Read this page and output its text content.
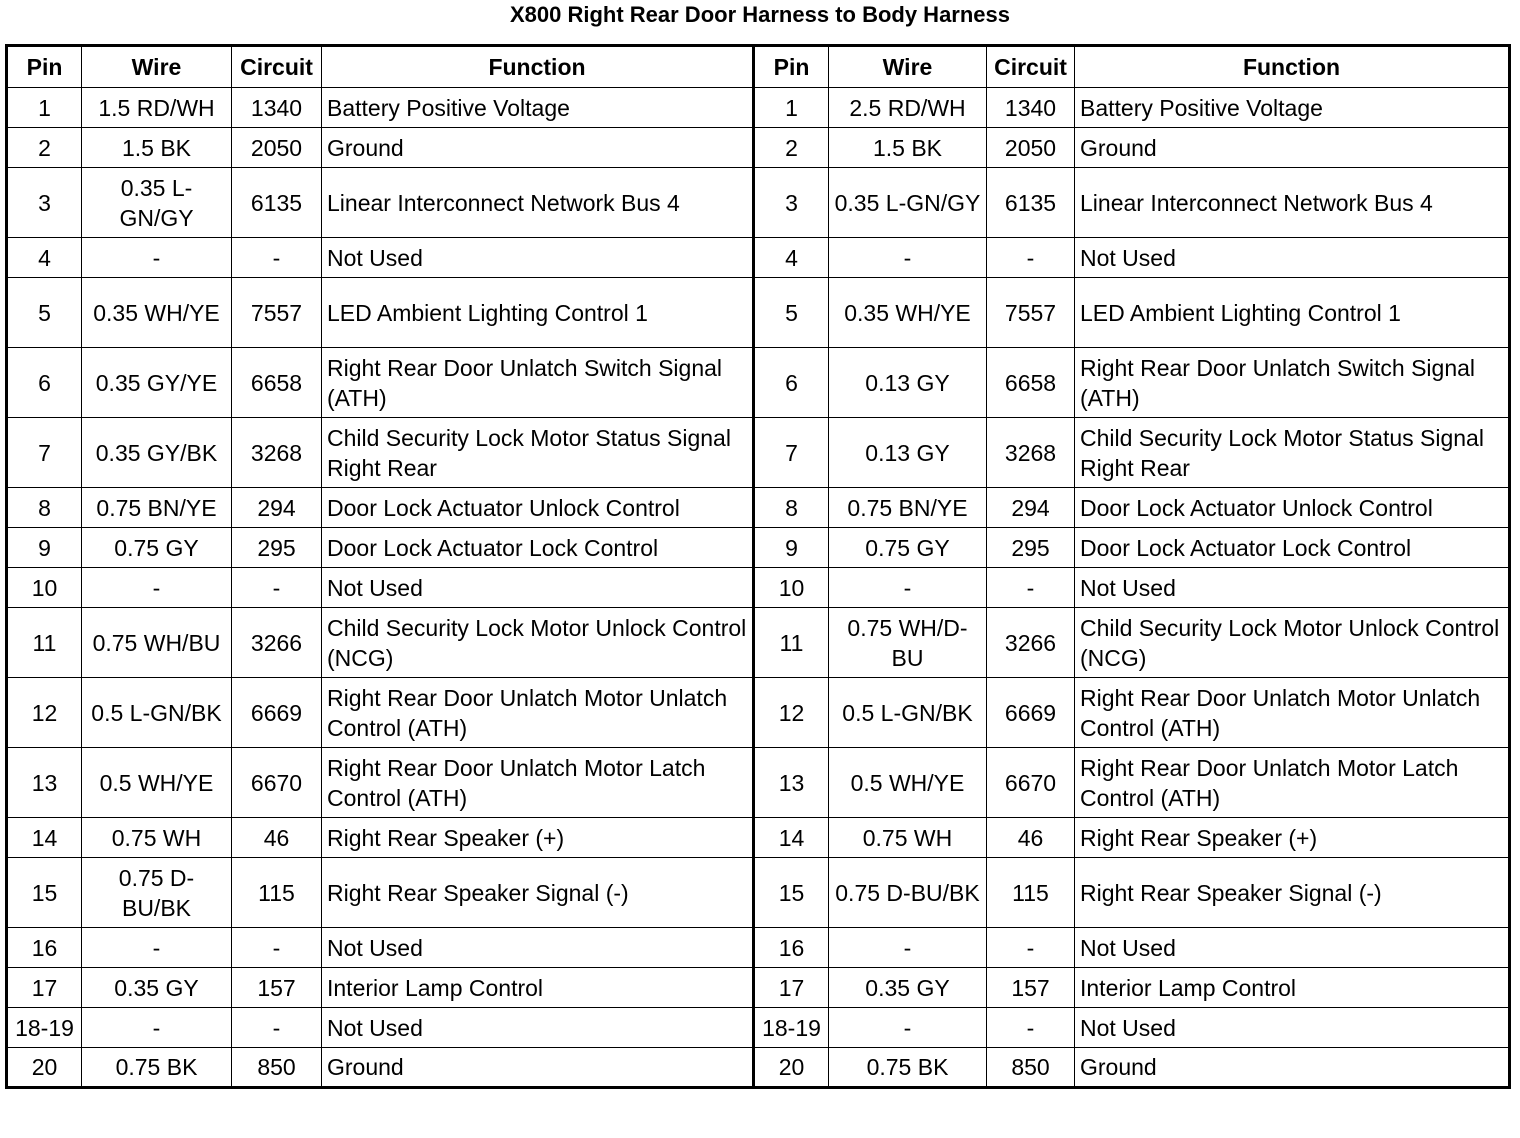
X800 Right Rear Door Harness to Body Harness
Pin	Wire	Circuit	Function	Pin	Wire	Circuit	Function
1	1.5 RD/WH	1340	Battery Positive Voltage	1	2.5 RD/WH	1340	Battery Positive Voltage
2	1.5 BK	2050	Ground	2	1.5 BK	2050	Ground
3	0.35 L-GN/GY	6135	Linear Interconnect Network Bus 4	3	0.35 L-GN/GY	6135	Linear Interconnect Network Bus 4
4	-	-	Not Used	4	-	-	Not Used
5	0.35 WH/YE	7557	LED Ambient Lighting Control 1	5	0.35 WH/YE	7557	LED Ambient Lighting Control 1
6	0.35 GY/YE	6658	Right Rear Door Unlatch Switch Signal (ATH)	6	0.13 GY	6658	Right Rear Door Unlatch Switch Signal (ATH)
7	0.35 GY/BK	3268	Child Security Lock Motor Status Signal Right Rear	7	0.13 GY	3268	Child Security Lock Motor Status Signal Right Rear
8	0.75 BN/YE	294	Door Lock Actuator Unlock Control	8	0.75 BN/YE	294	Door Lock Actuator Unlock Control
9	0.75 GY	295	Door Lock Actuator Lock Control	9	0.75 GY	295	Door Lock Actuator Lock Control
10	-	-	Not Used	10	-	-	Not Used
11	0.75 WH/BU	3266	Child Security Lock Motor Unlock Control (NCG)	11	0.75 WH/D-BU	3266	Child Security Lock Motor Unlock Control (NCG)
12	0.5 L-GN/BK	6669	Right Rear Door Unlatch Motor Unlatch Control (ATH)	12	0.5 L-GN/BK	6669	Right Rear Door Unlatch Motor Unlatch Control (ATH)
13	0.5 WH/YE	6670	Right Rear Door Unlatch Motor Latch Control (ATH)	13	0.5 WH/YE	6670	Right Rear Door Unlatch Motor Latch Control (ATH)
14	0.75 WH	46	Right Rear Speaker (+)	14	0.75 WH	46	Right Rear Speaker (+)
15	0.75 D-BU/BK	115	Right Rear Speaker Signal (-)	15	0.75 D-BU/BK	115	Right Rear Speaker Signal (-)
16	-	-	Not Used	16	-	-	Not Used
17	0.35 GY	157	Interior Lamp Control	17	0.35 GY	157	Interior Lamp Control
18-19	-	-	Not Used	18-19	-	-	Not Used
20	0.75 BK	850	Ground	20	0.75 BK	850	Ground
